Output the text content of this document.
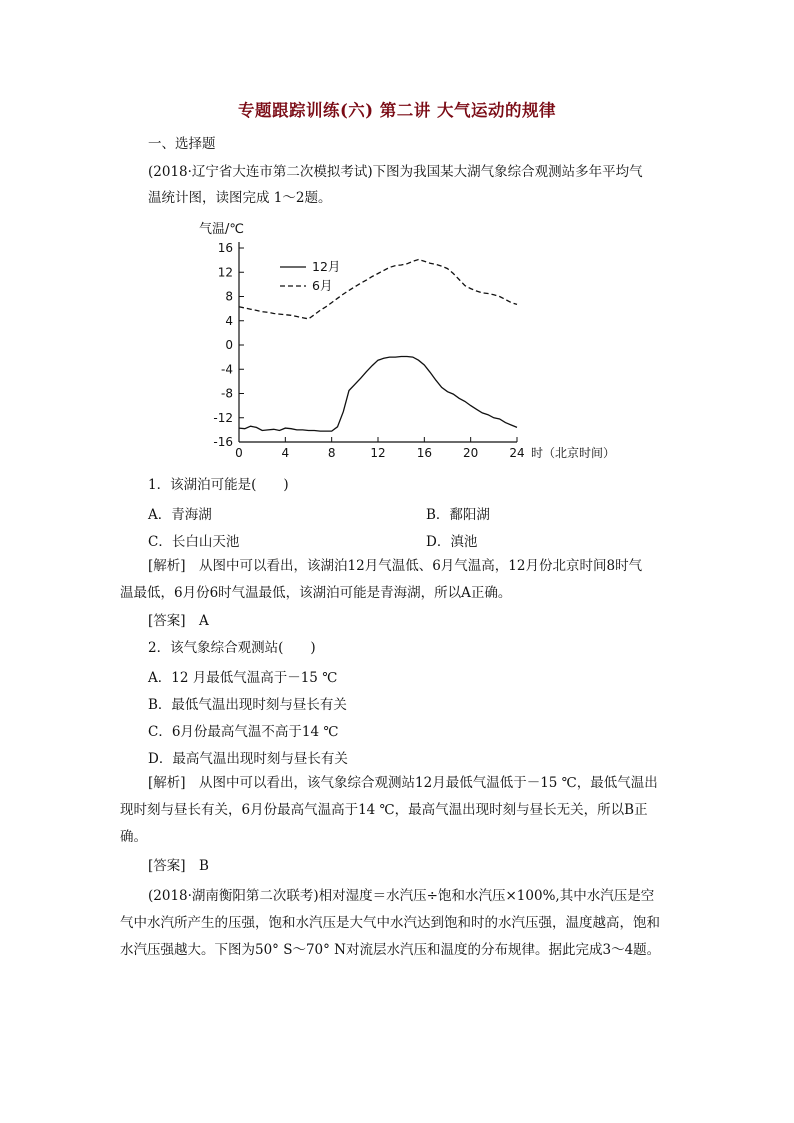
专题跟踪训练(六) 第二讲 大气运动的规律
一、选择题
(2018·辽宁省大连市第二次模拟考试)下图为我国某大湖气象综合观测站多年平均气
温统计图，读图完成 1～2题。
气温/℃
时（北京时间）
16
12
8
4
0
-4
-8
-12
-16
0	4	8	12	16	20	24
12月
6月
1．该湖泊可能是(　　)
A．青海湖	B．鄱阳湖
C．长白山天池	D．滇池
[解析]　从图中可以看出，该湖泊12月气温低、6月气温高，12月份北京时间8时气
温最低，6月份6时气温最低，该湖泊可能是青海湖，所以A正确。
[答案]　A
2．该气象综合观测站(　　)
A．12 月最低气温高于－15 ℃
B．最低气温出现时刻与昼长有关
C．6月份最高气温不高于14 ℃
D．最高气温出现时刻与昼长有关
[解析]　从图中可以看出，该气象综合观测站12月最低气温低于－15 ℃，最低气温出
现时刻与昼长有关，6月份最高气温高于14 ℃，最高气温出现时刻与昼长无关，所以B正
确。
[答案]　B
(2018·湖南衡阳第二次联考)相对湿度＝水汽压÷饱和水汽压×100%,其中水汽压是空
气中水汽所产生的压强，饱和水汽压是大气中水汽达到饱和时的水汽压强，温度越高，饱和
水汽压强越大。下图为50° S～70° N对流层水汽压和温度的分布规律。据此完成3～4题。
